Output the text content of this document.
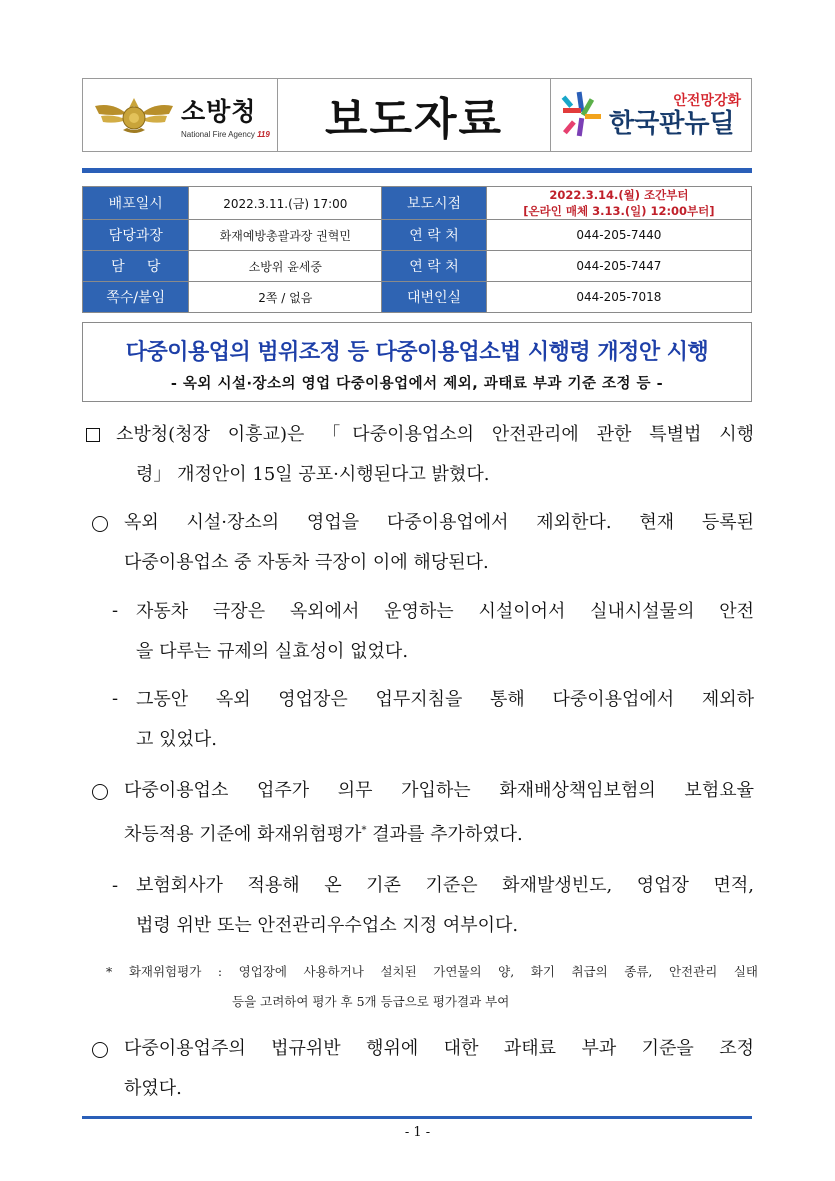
소방청
National Fire Agency 119	보도자료	안전망강화
한국판뉴딜
배포일시	2022.3.11.(금) 17:00	보도시점	2022.3.14.(월) 조간부터
[온라인 매체 3.13.(일) 12:00부터]

담당과장	화재예방총괄과장 권혁민	연 락 처	044-205-7440
담     당	소방위 윤세중	연 락 처	044-205-7447
쪽수/붙임	2쪽 / 없음	대변인실	044-205-7018
다중이용업의 범위조정 등 다중이용업소법 시행령 개정안 시행
- 옥외 시설·장소의 영업 다중이용업에서 제외, 과태료 부과 기준 조정 등 -
소방청(청장 이흥교)은 「다중이용업소의 안전관리에 관한 특별법 시행
령」 개정안이 15일 공포·시행된다고 밝혔다.
옥외 시설·장소의 영업을 다중이용업에서 제외한다. 현재 등록된
다중이용업소 중 자동차 극장이 이에 해당된다.
- 자동차 극장은 옥외에서 운영하는 시설이어서 실내시설물의 안전
을 다루는 규제의 실효성이 없었다.
- 그동안 옥외 영업장은 업무지침을 통해 다중이용업에서 제외하
고 있었다.
다중이용업소 업주가 의무 가입하는 화재배상책임보험의 보험요율
차등적용 기준에 화재위험평가* 결과를 추가하였다.
- 보험회사가 적용해 온 기존 기준은 화재발생빈도, 영업장 면적,
법령 위반 또는 안전관리우수업소 지정 여부이다.
* 화재위험평가 : 영업장에 사용하거나 설치된 가연물의 양, 화기 취급의 종류, 안전관리 실태
등을 고려하여 평가 후 5개 등급으로 평가결과 부여
다중이용업주의 법규위반 행위에 대한 과태료 부과 기준을 조정
하였다.
- 1 -
